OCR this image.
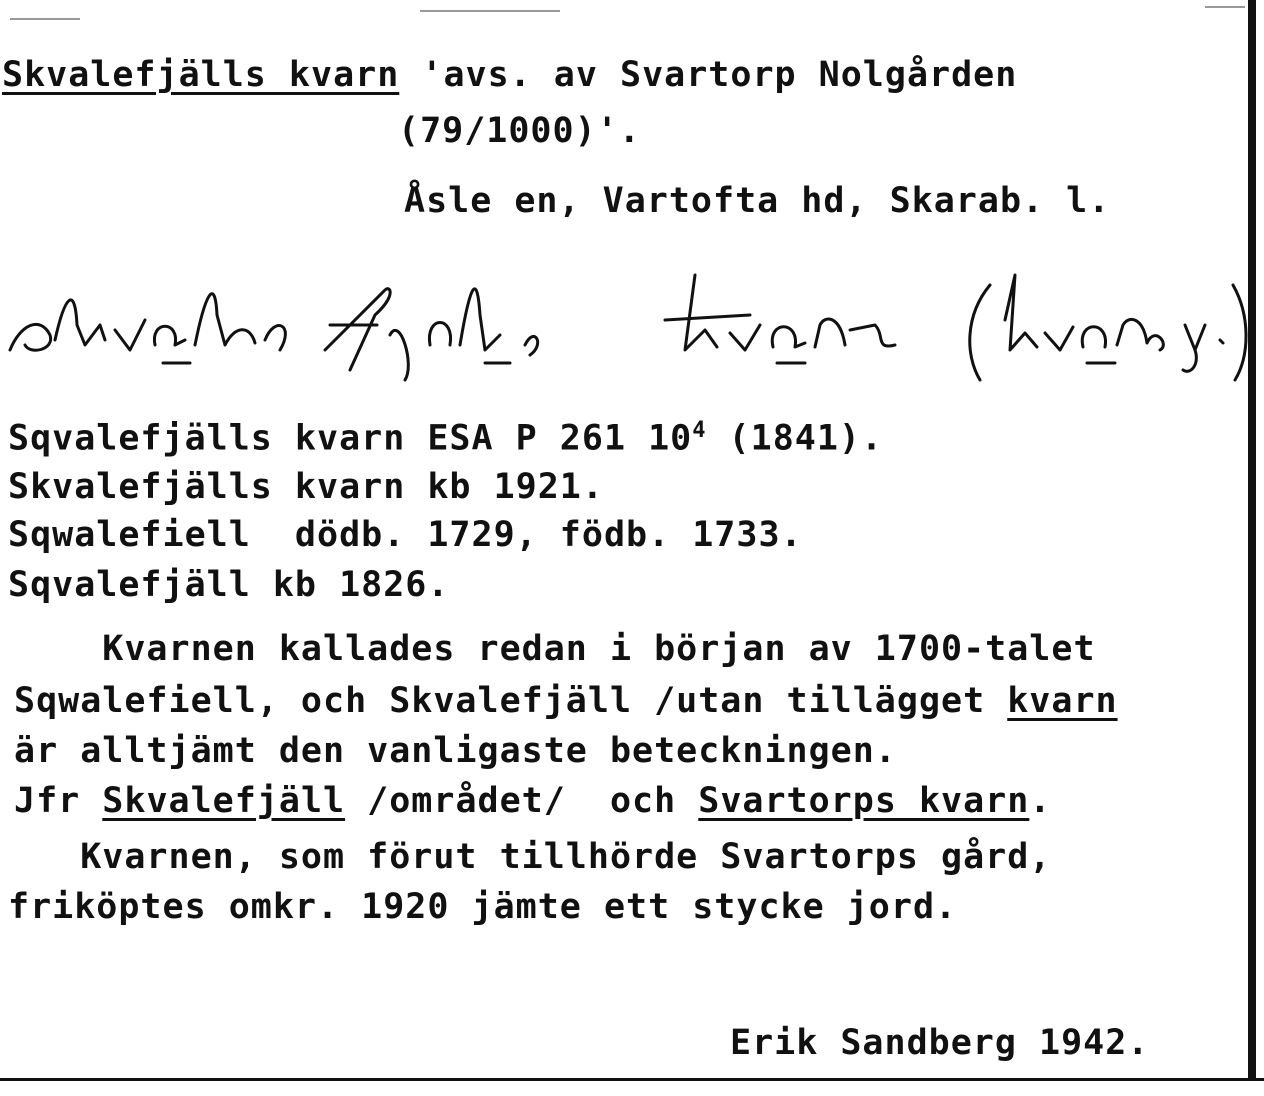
Skvalefjälls kvarn 'avs. av Svartorp Nolgården
(79/1000)'.
Åsle en, Vartofta hd, Skarab. l.
skvalefjäls kvärn (kvän y.)
Sqvalefjälls kvarn ESA P 261 $10^4$ (1841).
Skvalefjälls kvarn kb 1921.
Sqwalefiell  dödb. 1729, födb. 1733.
Sqvalefjäll kb 1826.
Kvarnen kallades redan i början av 1700-talet
Sqwalefiell, och Skvalefjäll /utan tillägget kvarn
är alltjämt den vanligaste beteckningen.
Jfr Skvalefjäll /området/  och Svartorps kvarn.
Kvarnen, som förut tillhörde Svartorps gård,
friköptes omkr. 1920 jämte ett stycke jord.
Erik Sandberg 1942.
